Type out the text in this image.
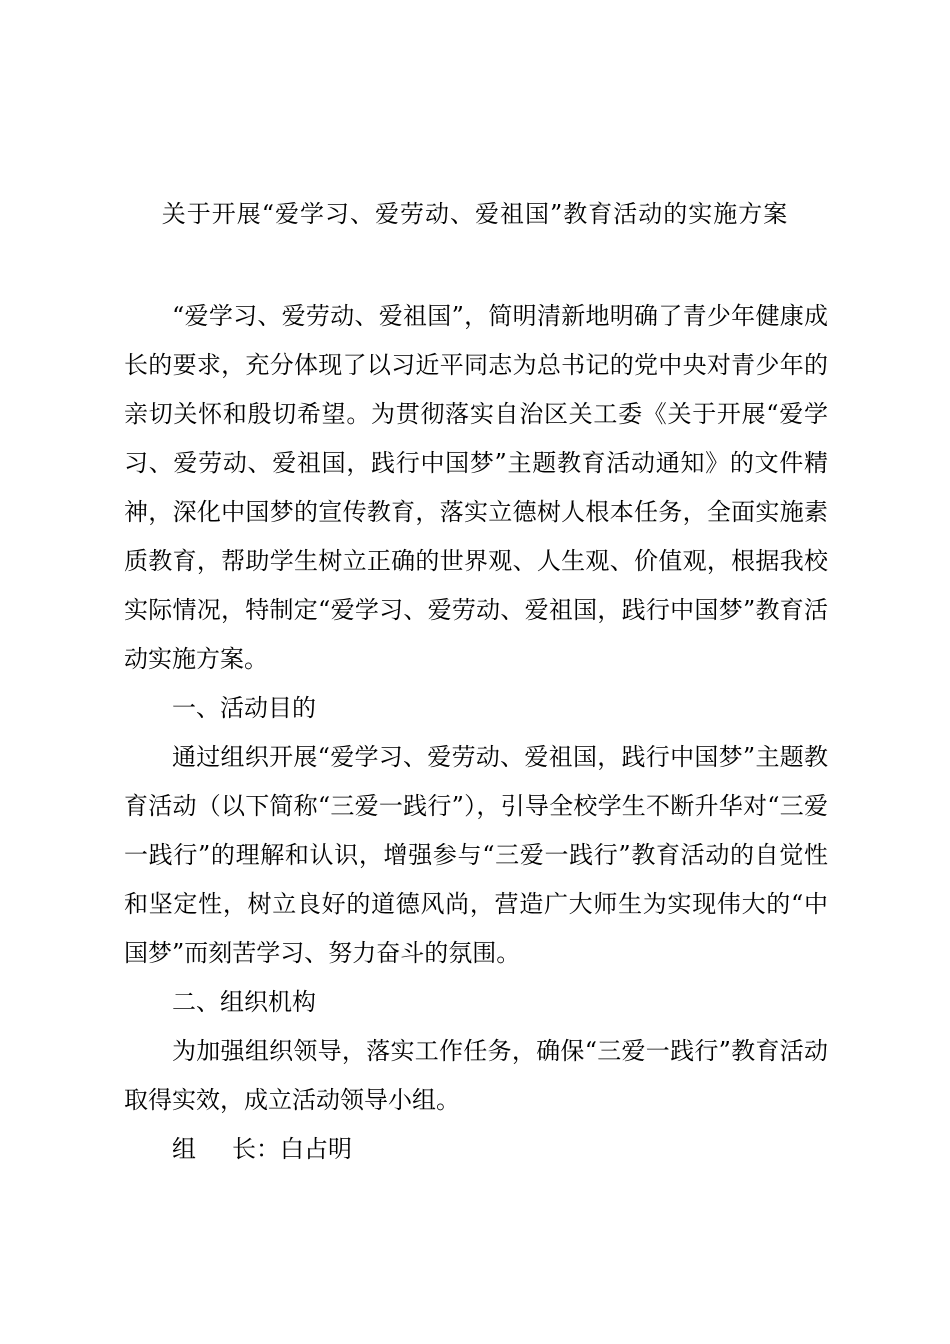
关于开展“爱学习、爱劳动、爱祖国”教育活动的实施方案

“爱学习、爱劳动、爱祖国”，简明清新地明确了青少年健康成长的要求，充分体现了以习近平同志为总书记的党中央对青少年的亲切关怀和殷切希望。为贯彻落实自治区关工委《关于开展“爱学习、爱劳动、爱祖国，践行中国梦”主题教育活动通知》的文件精神，深化中国梦的宣传教育，落实立德树人根本任务，全面实施素质教育，帮助学生树立正确的世界观、人生观、价值观，根据我校实际情况，特制定“爱学习、爱劳动、爱祖国，践行中国梦”教育活动实施方案。

一、活动目的

通过组织开展“爱学习、爱劳动、爱祖国，践行中国梦”主题教育活动（以下简称“三爱一践行”），引导全校学生不断升华对“三爱一践行”的理解和认识，增强参与“三爱一践行”教育活动的自觉性和坚定性，树立良好的道德风尚，营造广大师生为实现伟大的“中国梦”而刻苦学习、努力奋斗的氛围。

二、组织机构

为加强组织领导，落实工作任务，确保“三爱一践行”教育活动取得实效，成立活动领导小组。

组 长：白占明
